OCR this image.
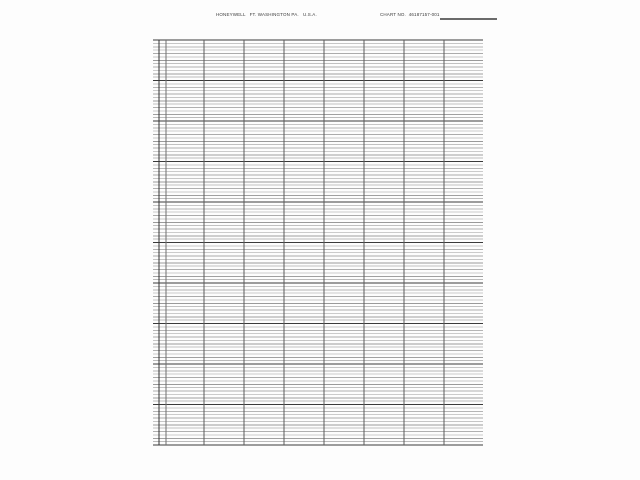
HONEYWELL   FT. WASHINGTON PA.   U.S.A.	CHART NO.  46187157-001
